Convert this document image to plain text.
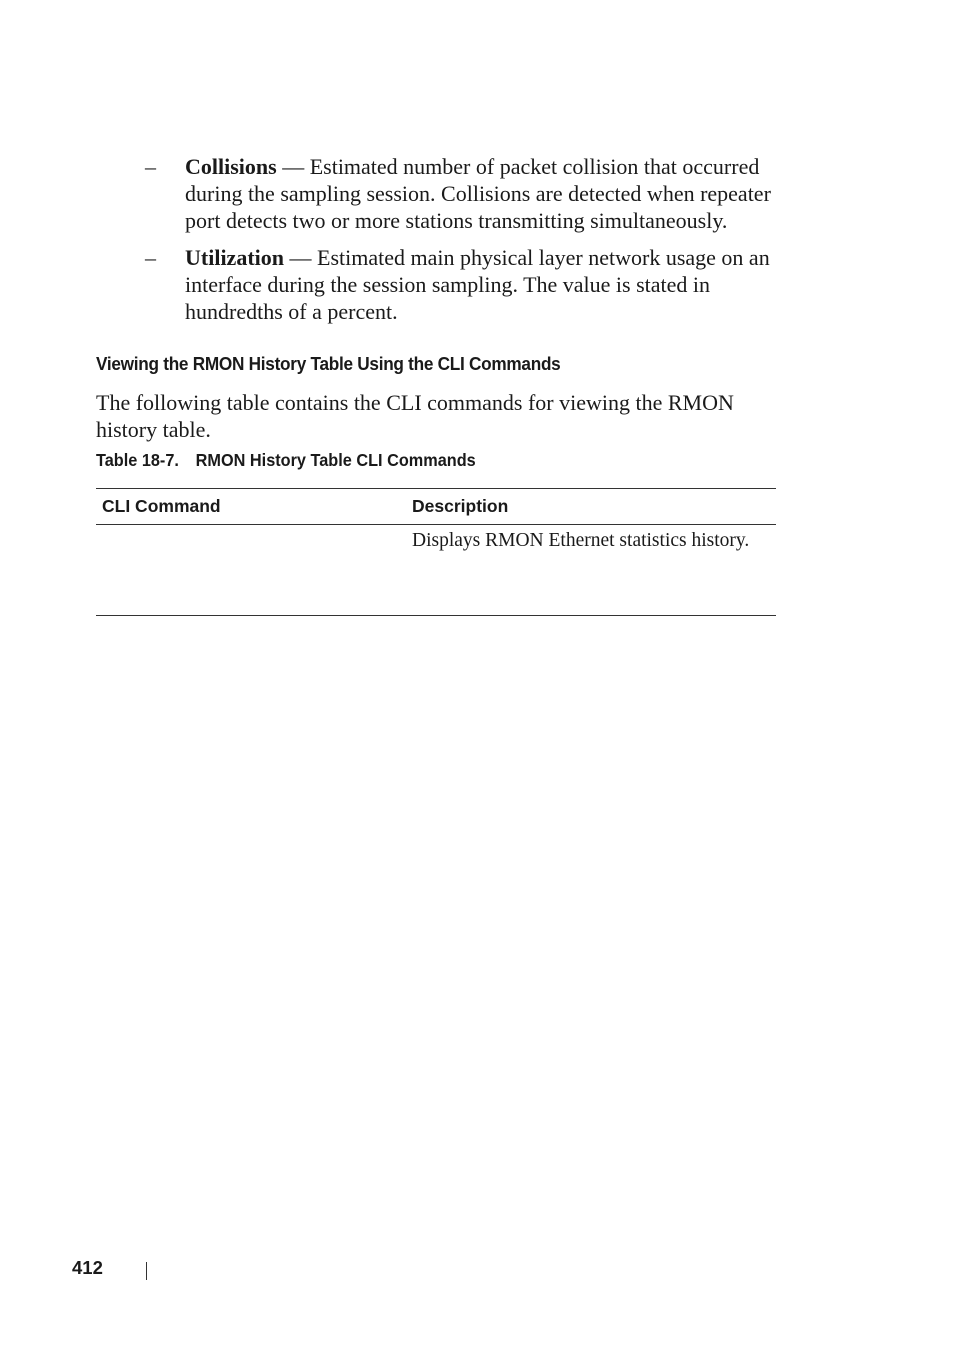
– Collisions — Estimated number of packet collision that occurred during the sampling session. Collisions are detected when repeater port detects two or more stations transmitting simultaneously.
– Utilization — Estimated main physical layer network usage on an interface during the session sampling. The value is stated in hundredths of a percent.
Viewing the RMON History Table Using the CLI Commands

The following table contains the CLI commands for viewing the RMON history table.

Table 18-7. RMON History Table CLI Commands

CLI Command	Description
	Displays RMON Ethernet statistics history.
412
